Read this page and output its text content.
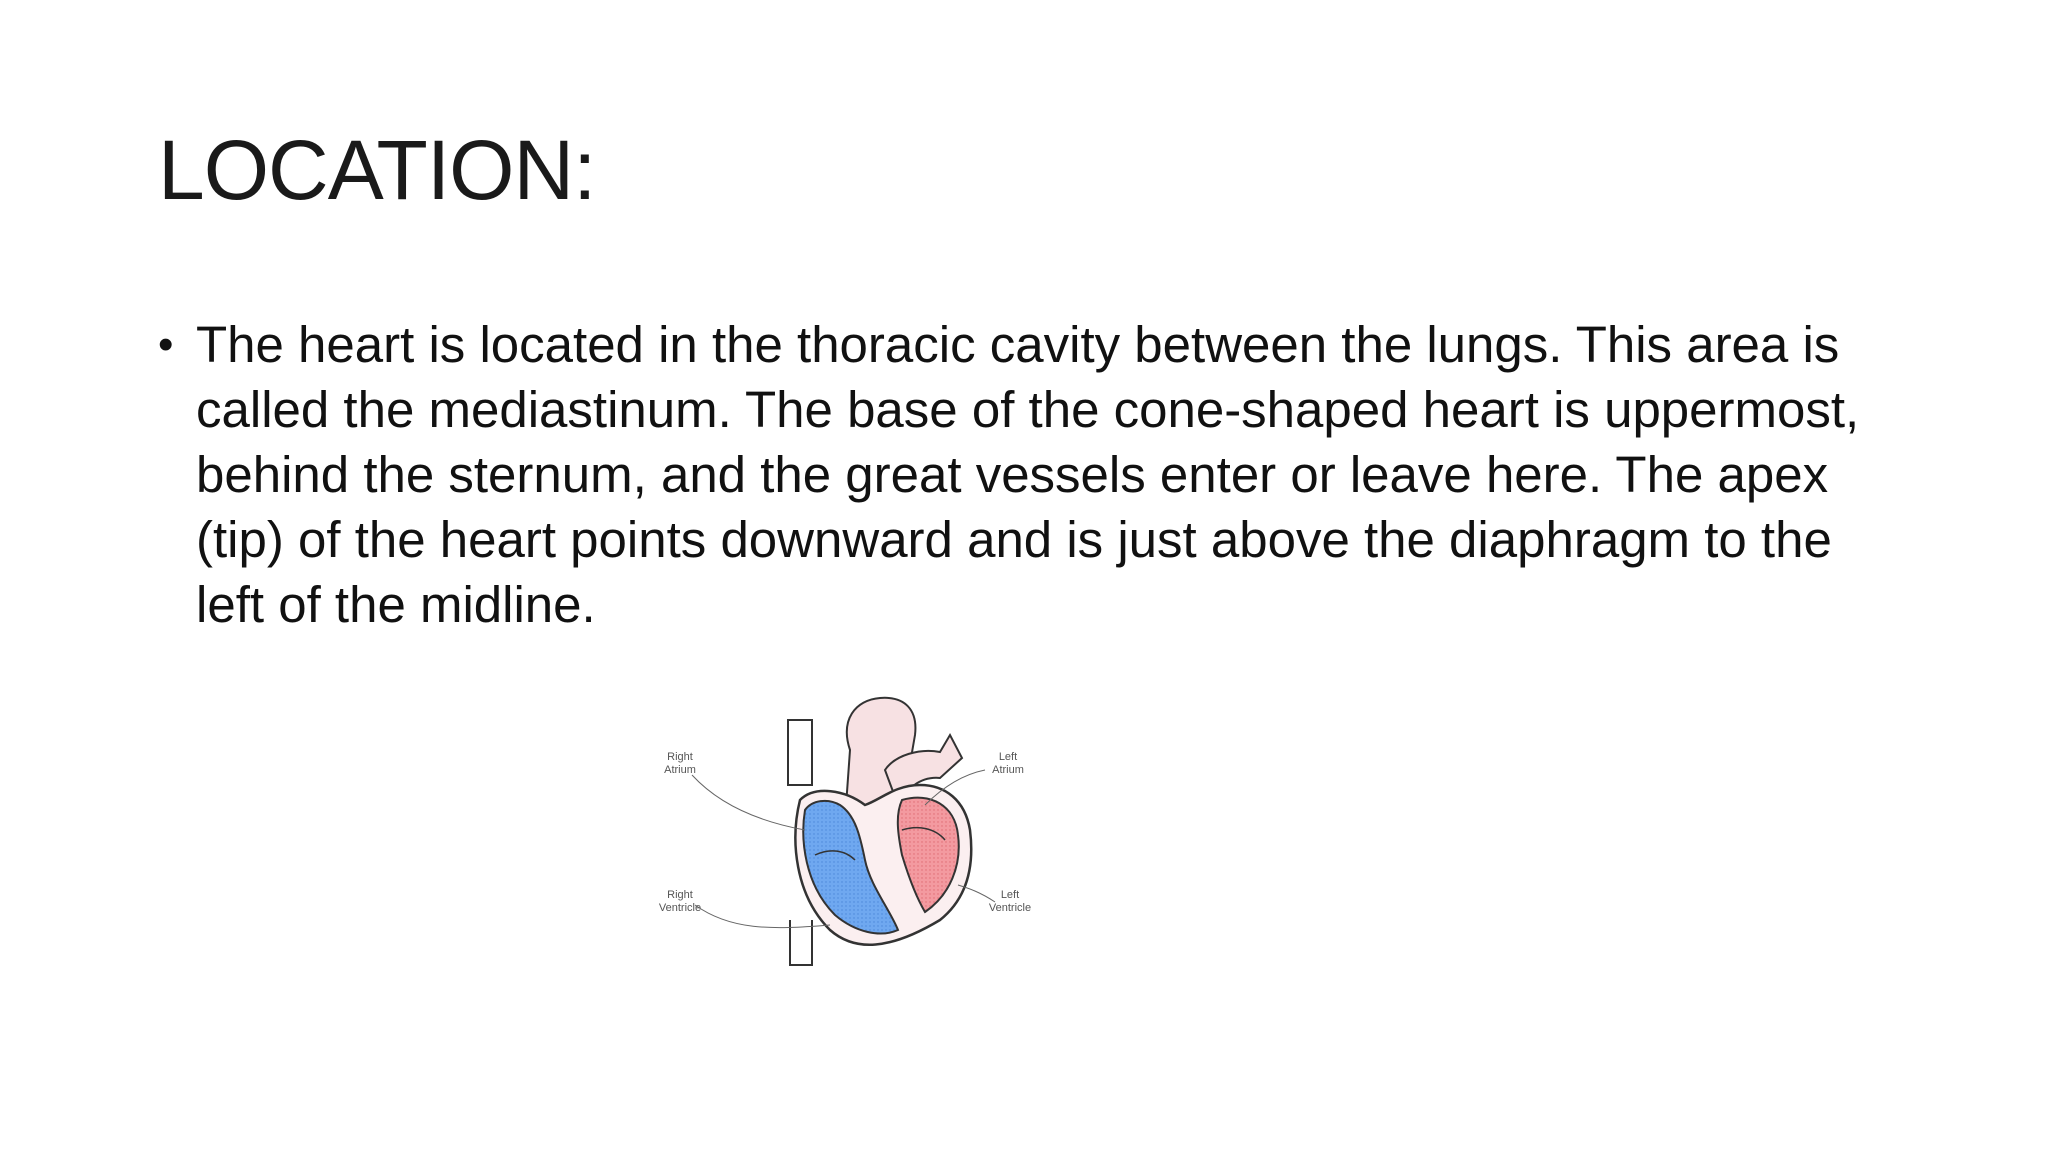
LOCATION:
• The heart is located in the thoracic cavity between the lungs. This area is called the mediastinum. The base of the cone-shaped heart is uppermost, behind the sternum, and the great vessels enter or leave here. The apex (tip) of the heart points downward and is just above the diaphragm to the left of the midline.
Right
Atrium
Left
Atrium
Right
Ventricle
Left
Ventricle
